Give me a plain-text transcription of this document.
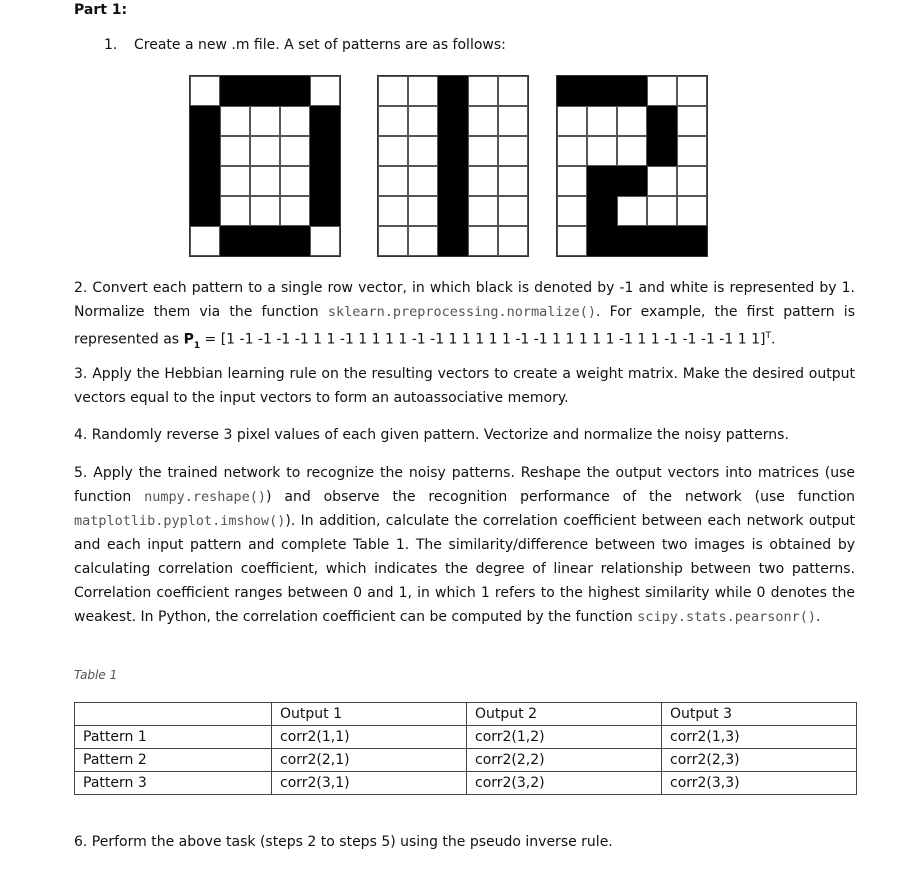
Part 1:
1. Create a new .m file. A set of patterns are as follows:

2. Convert each pattern to a single row vector, in which black is denoted by -1 and white is represented by 1. Normalize them via the function sklearn.preprocessing.normalize(). For example, the first pattern is represented as $P_1 = [1$ -1 -1 -1 -1 1 1 -1 1 1 1 1 -1 -1 1 1 1 1 1 -1 -1 1 1 1 1 1 -1 1 1 -1 -1 -1 -1 1 1]$^T$.

3. Apply the Hebbian learning rule on the resulting vectors to create a weight matrix. Make the desired output vectors equal to the input vectors to form an autoassociative memory.

4. Randomly reverse 3 pixel values of each given pattern. Vectorize and normalize the noisy patterns.

5. Apply the trained network to recognize the noisy patterns. Reshape the output vectors into matrices (use function numpy.reshape()) and observe the recognition performance of the network (use function matplotlib.pyplot.imshow()). In addition, calculate the correlation coefficient between each network output and each input pattern and complete Table 1. The similarity/difference between two images is obtained by calculating correlation coefficient, which indicates the degree of linear relationship between two patterns. Correlation coefficient ranges between 0 and 1, in which 1 refers to the highest similarity while 0 denotes the weakest. In Python, the correlation coefficient can be computed by the function scipy.stats.pearsonr().

Table 1
	Output 1	Output 2	Output 3
Pattern 1	corr2(1,1)	corr2(1,2)	corr2(1,3)
Pattern 2	corr2(2,1)	corr2(2,2)	corr2(2,3)
Pattern 3	corr2(3,1)	corr2(3,2)	corr2(3,3)
6. Perform the above task (steps 2 to steps 5) using the pseudo inverse rule.
